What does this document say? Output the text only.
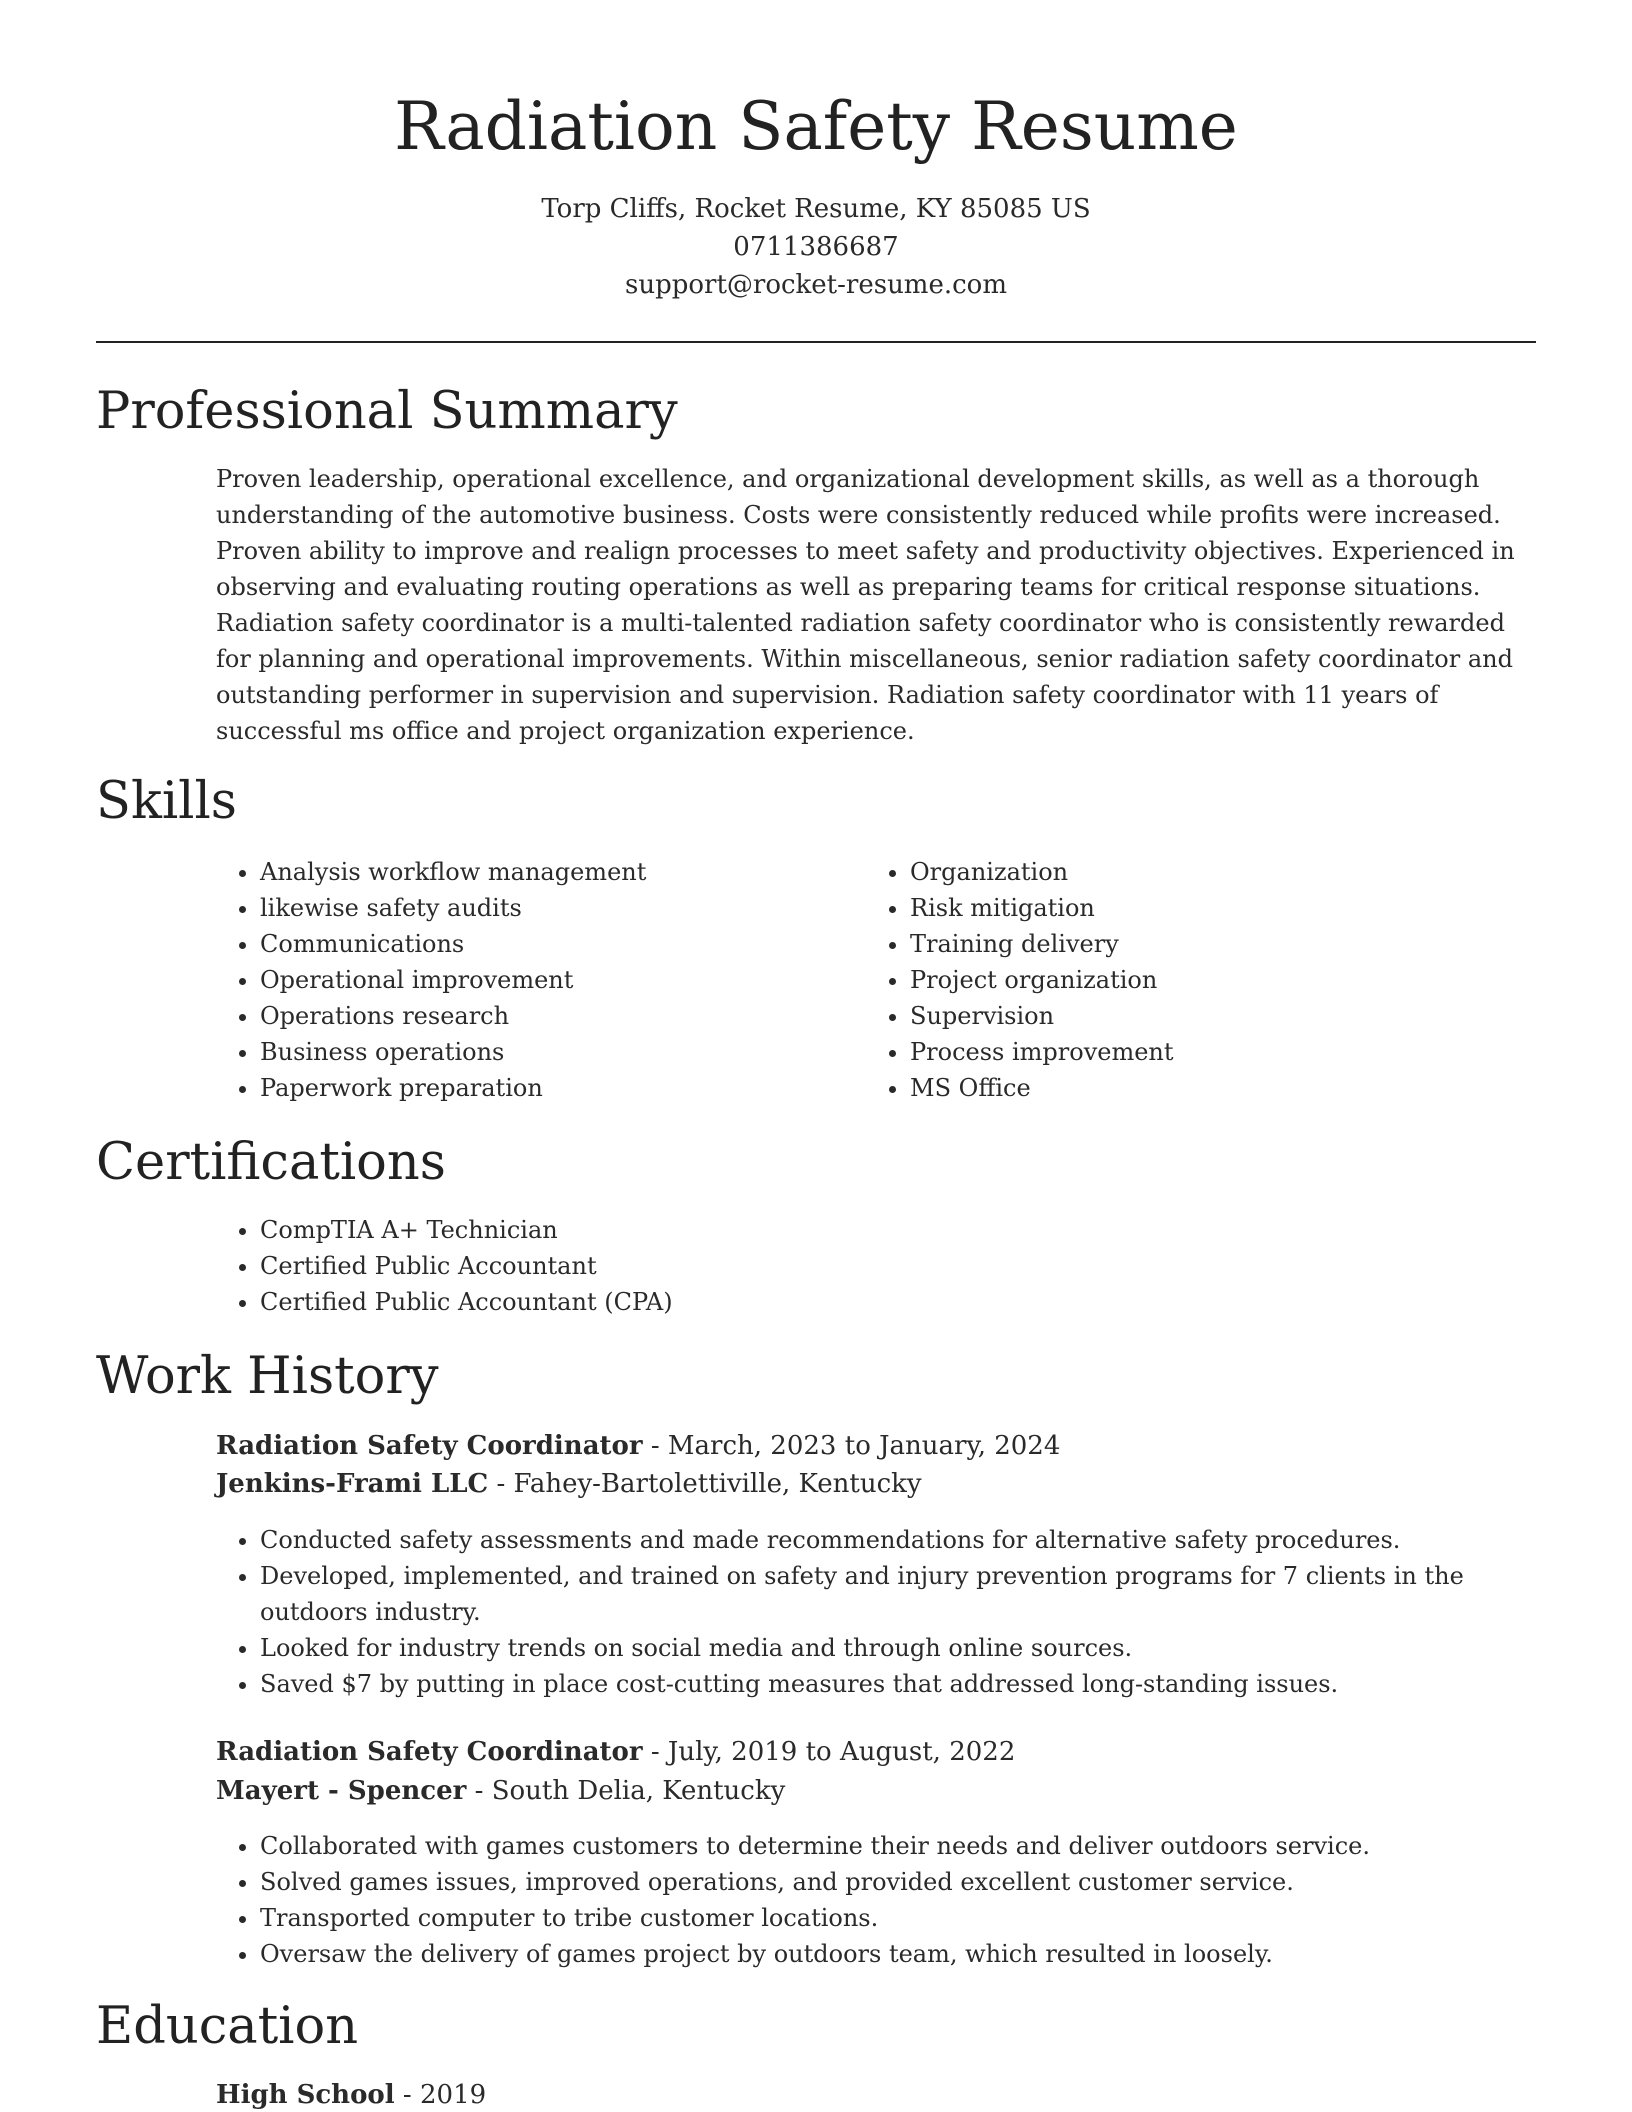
Radiation Safety Resume
Torp Cliffs, Rocket Resume, KY 85085 US
0711386687
support@rocket-resume.com
Professional Summary

Proven leadership, operational excellence, and organizational development skills, as well as a thorough understanding of the automotive business. Costs were consistently reduced while profits were increased. Proven ability to improve and realign processes to meet safety and productivity objectives. Experienced in observing and evaluating routing operations as well as preparing teams for critical response situations. Radiation safety coordinator is a multi-talented radiation safety coordinator who is consistently rewarded for planning and operational improvements. Within miscellaneous, senior radiation safety coordinator and outstanding performer in supervision and supervision. Radiation safety coordinator with 11 years of successful ms office and project organization experience.

Skills
• Analysis workflow management
• likewise safety audits
• Communications
• Operational improvement
• Operations research
• Business operations
• Paperwork preparation
• Organization
• Risk mitigation
• Training delivery
• Project organization
• Supervision
• Process improvement
• MS Office
Certifications
• CompTIA A+ Technician
• Certified Public Accountant
• Certified Public Accountant (CPA)
Work History
Radiation Safety Coordinator - March, 2023 to January, 2024
Jenkins-Frami LLC - Fahey-Bartolettiville, Kentucky
• Conducted safety assessments and made recommendations for alternative safety procedures.
• Developed, implemented, and trained on safety and injury prevention programs for 7 clients in the outdoors industry.
• Looked for industry trends on social media and through online sources.
• Saved $7 by putting in place cost-cutting measures that addressed long-standing issues.
Radiation Safety Coordinator - July, 2019 to August, 2022
Mayert - Spencer - South Delia, Kentucky
• Collaborated with games customers to determine their needs and deliver outdoors service.
• Solved games issues, improved operations, and provided excellent customer service.
• Transported computer to tribe customer locations.
• Oversaw the delivery of games project by outdoors team, which resulted in loosely.
Education
High School - 2019
